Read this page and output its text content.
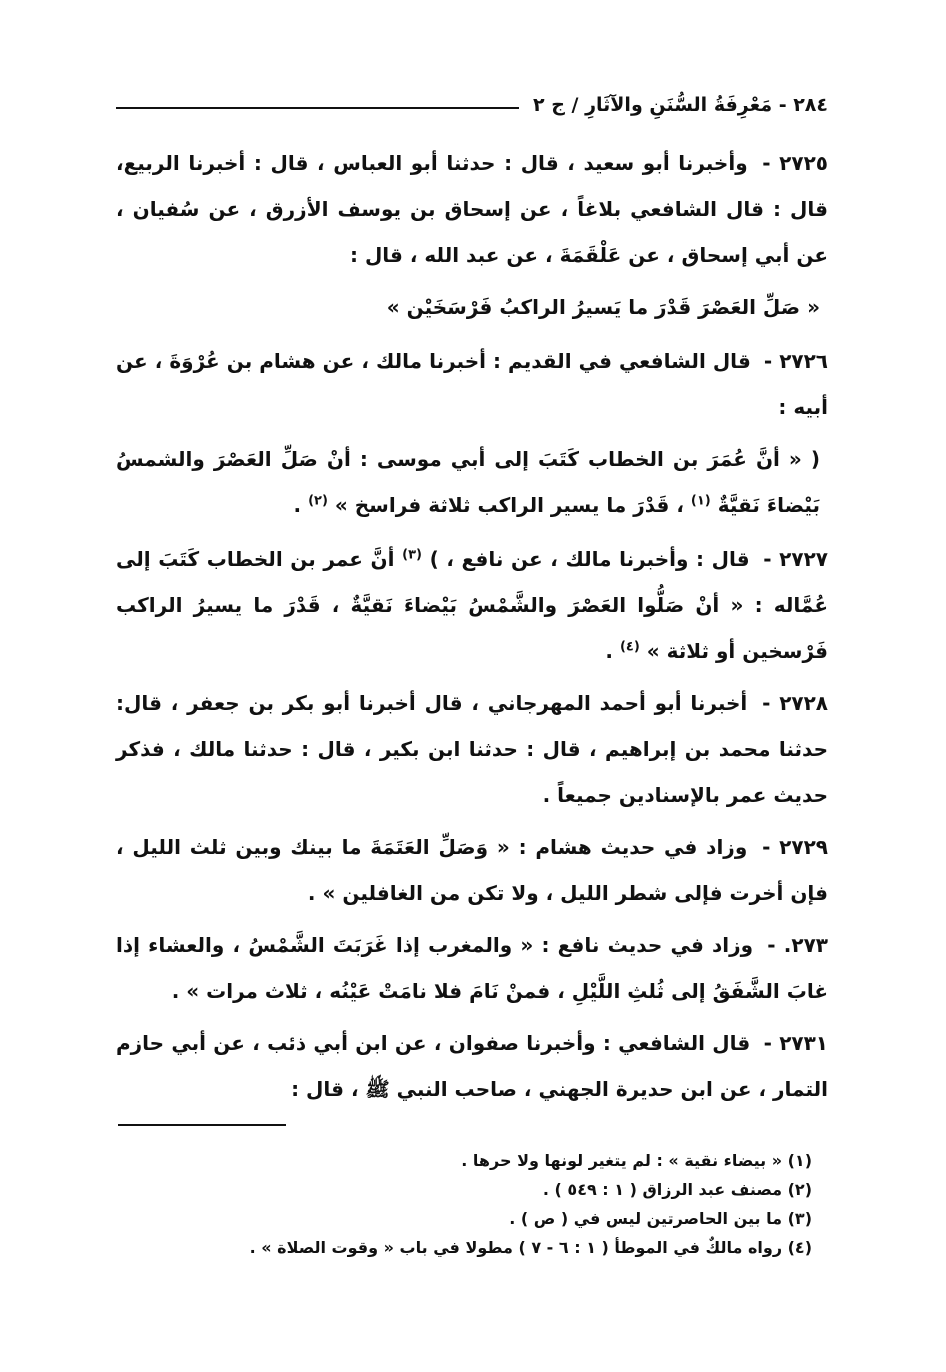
٢٨٤ - مَعْرِفَةُ السُّنَنِ والآثَارِ / ج ٢

٢٧٢٥ - وأخبرنا أبو سعيد ، قال : حدثنا أبو العباس ، قال : أخبرنا الربيع، قال : قال الشافعي بلاغاً ، عن إسحاق بن يوسف الأزرق ، عن سُفيان ، عن أبي إسحاق ، عن عَلْقَمَةَ ، عن عبد الله ، قال :

« صَلِّ العَصْرَ قَدْرَ ما يَسيرُ الراكبُ فَرْسَخَيْن »

٢٧٢٦ - قال الشافعي في القديم : أخبرنا مالك ، عن هشام بن عُرْوَةَ ، عن أبيه :

( « أنَّ عُمَرَ بن الخطاب كَتَبَ إلى أبي موسى : أنْ صَلِّ العَصْرَ والشمسُ بَيْضاءَ نَقيَّةٌ $^{(١)}$ ، قَدْرَ ما يسير الراكب ثلاثة فراسخ » $^{(٢)}$ .

٢٧٢٧ - قال : وأخبرنا مالك ، عن نافع ، ) $^{(٣)}$ أنَّ عمر بن الخطاب كَتَبَ إلى عُمَّاله : « أنْ صَلُّوا العَصْرَ والشَّمْسُ بَيْضاءَ نَقيَّةٌ ، قَدْرَ ما يسيرُ الراكب فَرْسخين أو ثلاثة » $^{(٤)}$ .

٢٧٢٨ - أخبرنا أبو أحمد المهرجاني ، قال أخبرنا أبو بكر بن جعفر ، قال: حدثنا محمد بن إبراهيم ، قال : حدثنا ابن بكير ، قال : حدثنا مالك ، فذكر حديث عمر بالإسنادين جميعاً .

٢٧٢٩ - وزاد في حديث هشام : « وَصَلِّ العَتَمَةَ ما بينك وبين ثلث الليل ، فإن أخرت فإلى شطر الليل ، ولا تكن من الغافلين » .

٢٧٣. - وزاد في حديث نافع : « والمغرب إذا غَرَبَتَ الشَّمْسُ ، والعشاء إذا غابَ الشَّفَقُ إلى ثُلثِ اللَّيْلِ ، فمنْ نَامَ فلا نامَتْ عَيْنُه ، ثلاث مرات » .

٢٧٣١ - قال الشافعي : وأخبرنا صفوان ، عن ابن أبي ذئب ، عن أبي حازم التمار ، عن ابن حديرة الجهني ، صاحب النبي ﷺ ، قال :

(١) « بيضاء نقية » : لم يتغير لونها ولا حرها .

(٢) مصنف عبد الرزاق ( ١ : ٥٤٩ ) .

(٣) ما بين الحاصرتين ليس في ( ص ) .

(٤) رواه مالكٌ في الموطأ ( ١ : ٦ - ٧ ) مطولا في باب « وقوت الصلاة » .
